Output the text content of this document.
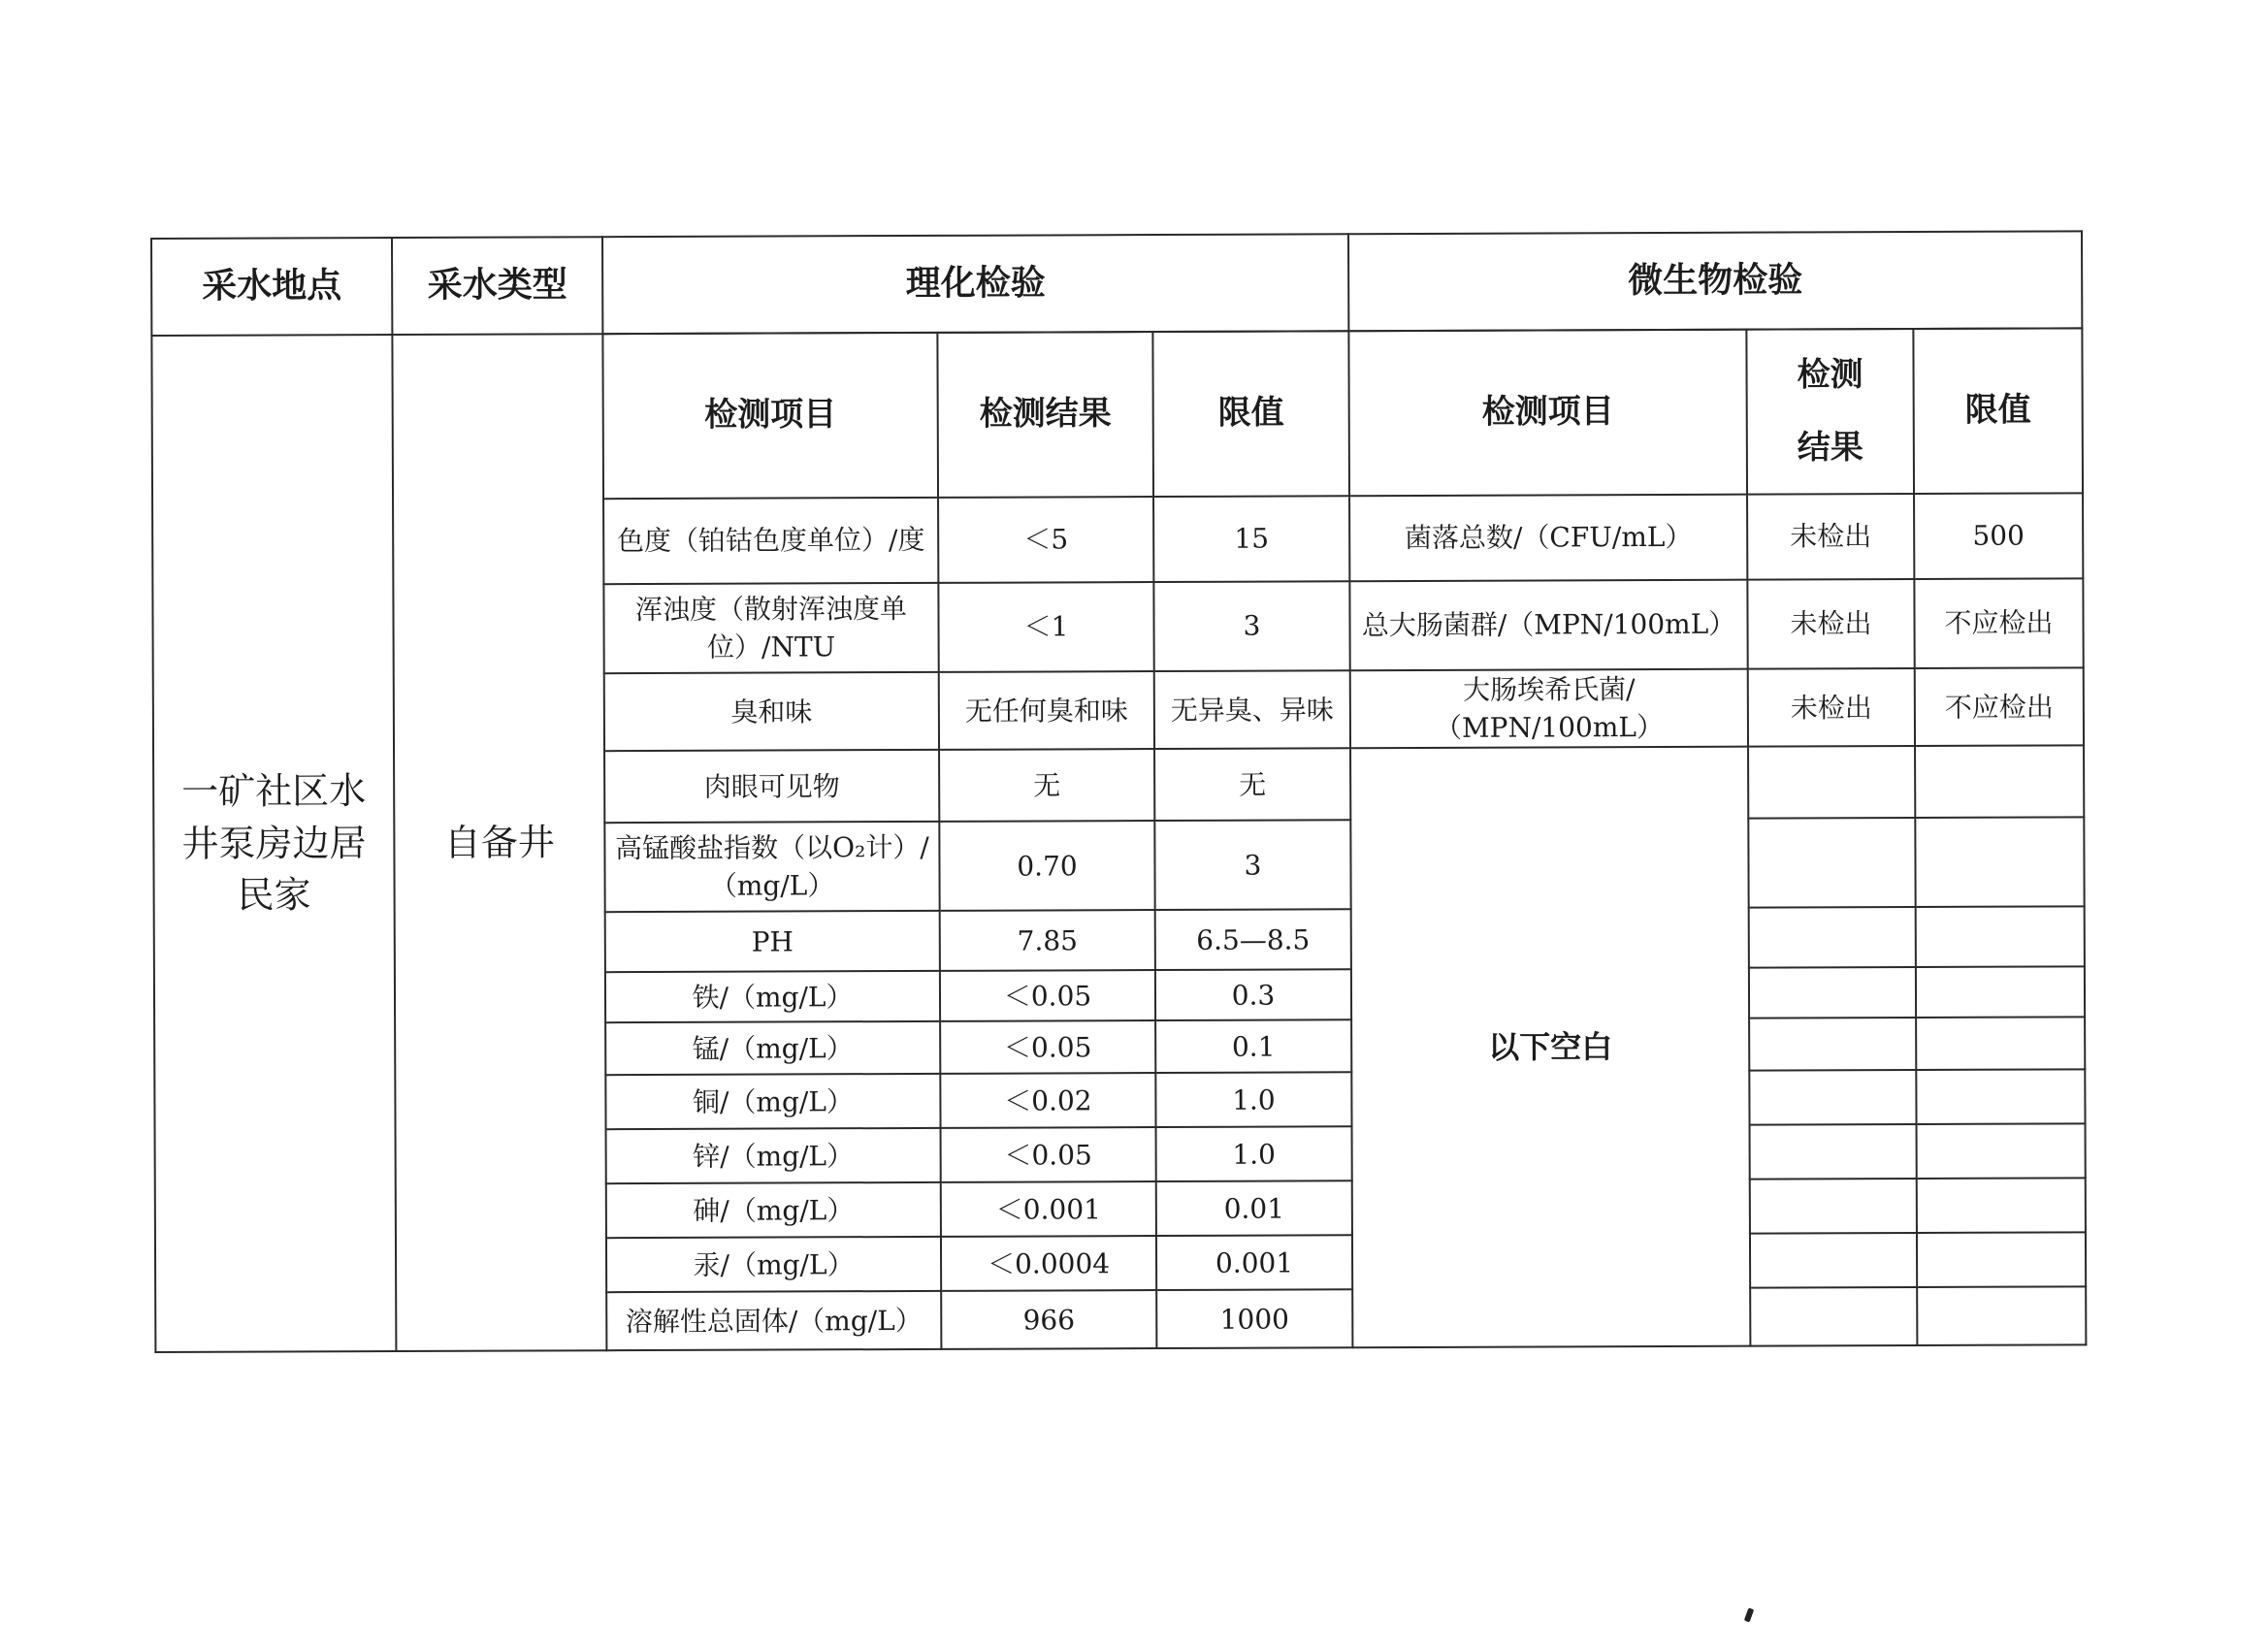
采水地点	采水类型	理化检验			微生物检验		

一矿社区水井泵房边居民家	自备井	检测项目	检测结果	限值	检测项目	检测结果	限值
		色度（铂钴色度单位）/度	＜5	15	菌落总数/（CFU/mL）	未检出	500
		浑浊度（散射浑浊度单位）/NTU	＜1	3	总大肠菌群/（MPN/100mL）	未检出	不应检出
		臭和味	无任何臭和味	无异臭、异味	大肠埃希氏菌/（MPN/100mL）	未检出	不应检出
		肉眼可见物	无	无	以下空白		
		高锰酸盐指数（以O₂计）/（mg/L）	0.70	3			
		PH	7.85	6.5—8.5			
		铁/（mg/L）	＜0.05	0.3			
		锰/（mg/L）	＜0.05	0.1			
		铜/（mg/L）	＜0.02	1.0			
		锌/（mg/L）	＜0.05	1.0			
		砷/（mg/L）	＜0.001	0.01			
		汞/（mg/L）	＜0.0004	0.001			
		溶解性总固体/（mg/L）	966	1000			
